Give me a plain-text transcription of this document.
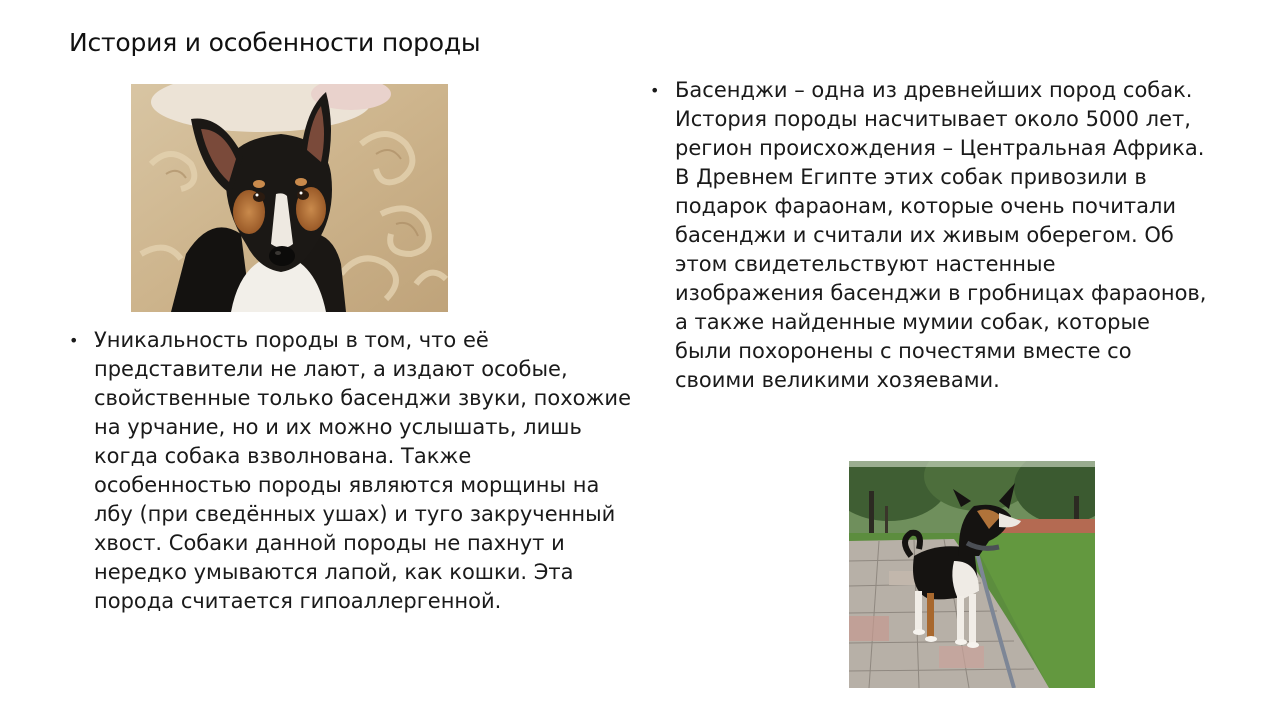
История и особенности породы
• Уникальность породы в том, что её представители не лают, а издают особые, свойственные только басенджи звуки, похожие на урчание, но и их можно услышать, лишь когда собака взволнована. Также особенностью породы являются морщины на лбу (при сведённых ушах) и туго закрученный хвост. Собаки данной породы не пахнут и нередко умываются лапой, как кошки. Эта порода считается гипоаллергенной.
• Басенджи – одна из древнейших пород собак. История породы насчитывает около 5000 лет, регион происхождения – Центральная Африка. В Древнем Египте этих собак привозили в подарок фараонам, которые очень почитали басенджи и считали их живым оберегом. Об этом свидетельствуют настенные изображения басенджи в гробницах фараонов, а также найденные мумии собак, которые были похоронены с почестями вместе со своими великими хозяевами.
